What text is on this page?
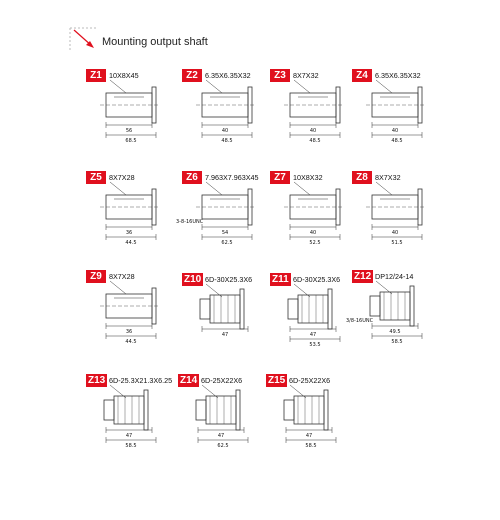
Mounting output shaft
Z1 10X8X45
56
68.5
Z2 6.35X6.35X32
40
48.5
Z3 8X7X32
40
48.5
Z4 6.35X6.35X32
40
48.5
Z5 8X7X28
36
44.5
Z6 7.963X7.963X45
3-8-16UNC
54
62.5
Z7 10X8X32
40
52.5
Z8 8X7X32
40
51.5
Z9 8X7X28
36
44.5
Z10 6D-30X25.3X6
47
Z11 6D-30X25.3X6
47
53.5
Z12 DP12/24-14
3/8-16UNC
49.5
58.5
Z13 6D-25.3X21.3X6.25
47
58.5
Z14 6D-25X22X6
47
62.5
Z15 6D-25X22X6
47
58.5
